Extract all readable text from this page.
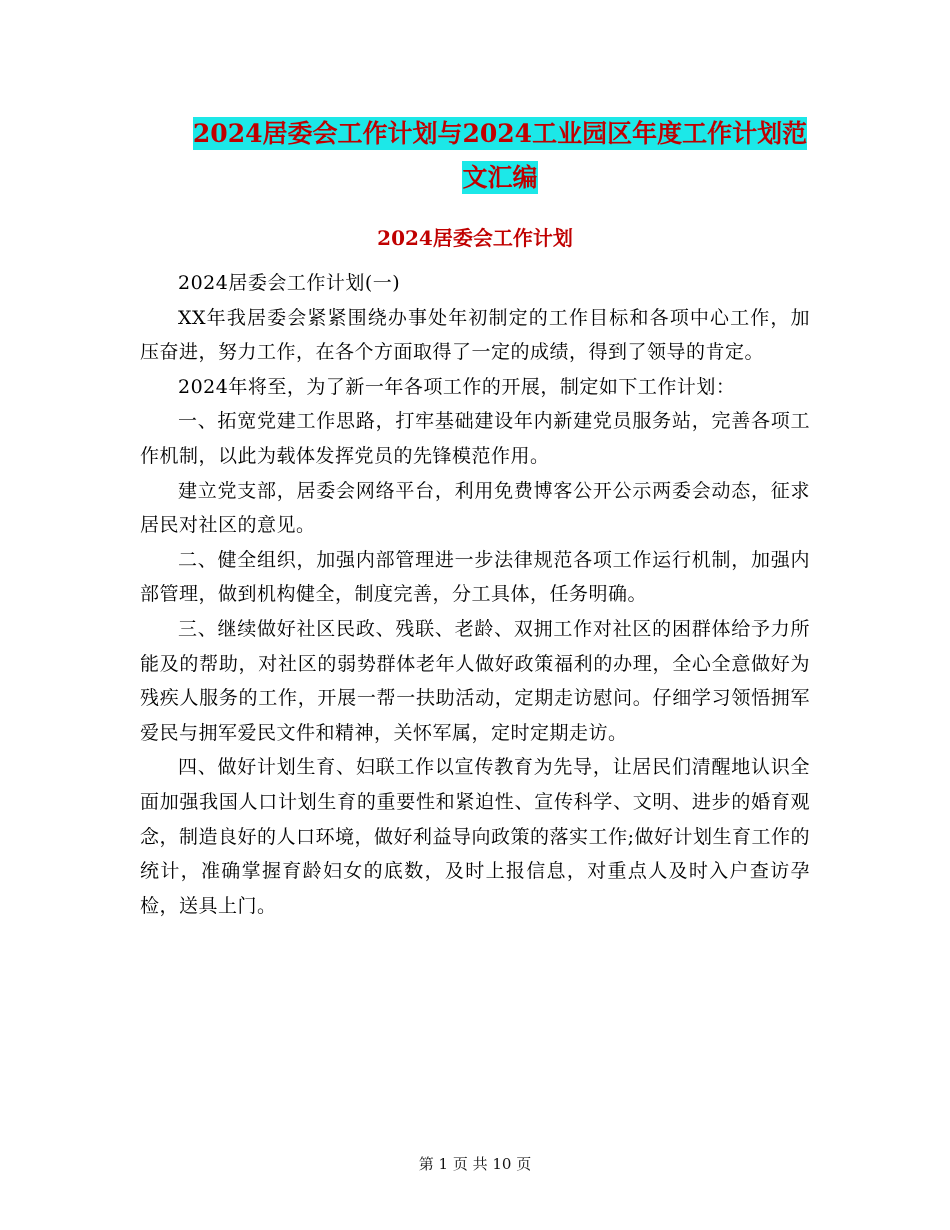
2024居委会工作计划与2024工业园区年度工作计划范
文汇编
2024居委会工作计划

2024居委会工作计划(一)

XX年我居委会紧紧围绕办事处年初制定的工作目标和各项中心工作，加压奋进，努力工作，在各个方面取得了一定的成绩，得到了领导的肯定。

2024年将至，为了新一年各项工作的开展，制定如下工作计划：

一、拓宽党建工作思路，打牢基础建设年内新建党员服务站，完善各项工作机制，以此为载体发挥党员的先锋模范作用。

建立党支部，居委会网络平台，利用免费博客公开公示两委会动态，征求居民对社区的意见。

二、健全组织，加强内部管理进一步法律规范各项工作运行机制，加强内部管理，做到机构健全，制度完善，分工具体，任务明确。

三、继续做好社区民政、残联、老龄、双拥工作对社区的困群体给予力所能及的帮助，对社区的弱势群体老年人做好政策福利的办理，全心全意做好为残疾人服务的工作，开展一帮一扶助活动，定期走访慰问。仔细学习领悟拥军爱民与拥军爱民文件和精神，关怀军属，定时定期走访。

四、做好计划生育、妇联工作以宣传教育为先导，让居民们清醒地认识全面加强我国人口计划生育的重要性和紧迫性、宣传科学、文明、进步的婚育观念，制造良好的人口环境，做好利益导向政策的落实工作;做好计划生育工作的统计，准确掌握育龄妇女的底数，及时上报信息，对重点人及时入户查访孕检，送具上门。

第 1 页 共 10 页
